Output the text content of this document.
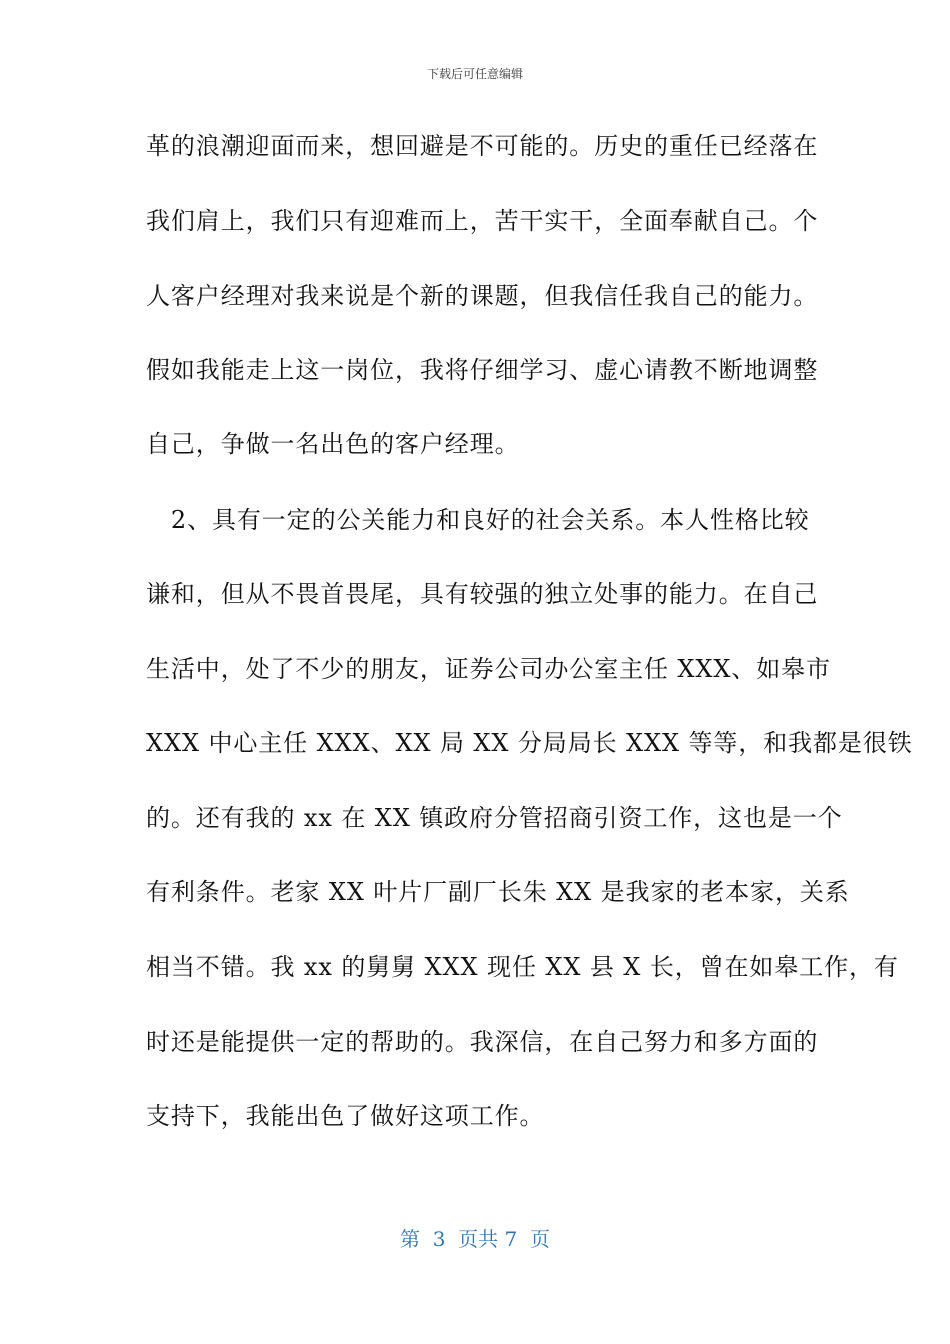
下载后可任意编辑
革的浪潮迎面而来，想回避是不可能的。历史的重任已经落在
我们肩上，我们只有迎难而上，苦干实干，全面奉献自己。个
人客户经理对我来说是个新的课题，但我信任我自己的能力。
假如我能走上这一岗位，我将仔细学习、虚心请教不断地调整
自己，争做一名出色的客户经理。
　2、具有一定的公关能力和良好的社会关系。本人性格比较
谦和，但从不畏首畏尾，具有较强的独立处事的能力。在自己
生活中，处了不少的朋友，证券公司办公室主任 XXX、如皋市
XXX 中心主任 XXX、XX 局 XX 分局局长 XXX 等等，和我都是很铁
的。还有我的 xx 在 XX 镇政府分管招商引资工作，这也是一个
有利条件。老家 XX 叶片厂副厂长朱 XX 是我家的老本家，关系
相当不错。我 xx 的舅舅 XXX 现任 XX 县 X 长，曾在如皋工作，有
时还是能提供一定的帮助的。我深信，在自己努力和多方面的
支持下，我能出色了做好这项工作。
第  3  页共 7  页
